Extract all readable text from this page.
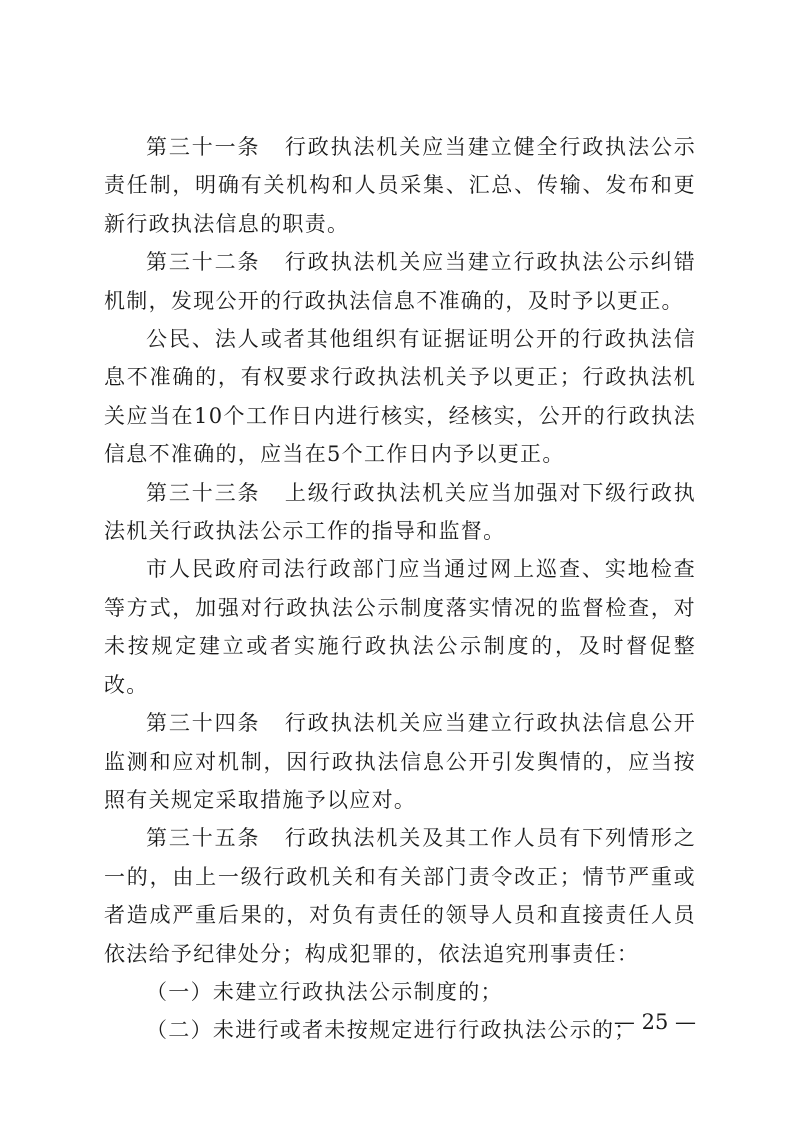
第三十一条 行政执法机关应当建立健全行政执法公示责任制，明确有关机构和人员采集、汇总、传输、发布和更新行政执法信息的职责。

第三十二条 行政执法机关应当建立行政执法公示纠错机制，发现公开的行政执法信息不准确的，及时予以更正。

公民、法人或者其他组织有证据证明公开的行政执法信息不准确的，有权要求行政执法机关予以更正；行政执法机关应当在10个工作日内进行核实，经核实，公开的行政执法信息不准确的，应当在5个工作日内予以更正。

第三十三条 上级行政执法机关应当加强对下级行政执法机关行政执法公示工作的指导和监督。

市人民政府司法行政部门应当通过网上巡查、实地检查等方式，加强对行政执法公示制度落实情况的监督检查，对未按规定建立或者实施行政执法公示制度的，及时督促整改。

第三十四条 行政执法机关应当建立行政执法信息公开监测和应对机制，因行政执法信息公开引发舆情的，应当按照有关规定采取措施予以应对。

第三十五条 行政执法机关及其工作人员有下列情形之一的，由上一级行政机关和有关部门责令改正；情节严重或者造成严重后果的，对负有责任的领导人员和直接责任人员依法给予纪律处分；构成犯罪的，依法追究刑事责任：

（一）未建立行政执法公示制度的；

（二）未进行或者未按规定进行行政执法公示的；

— 25 —
